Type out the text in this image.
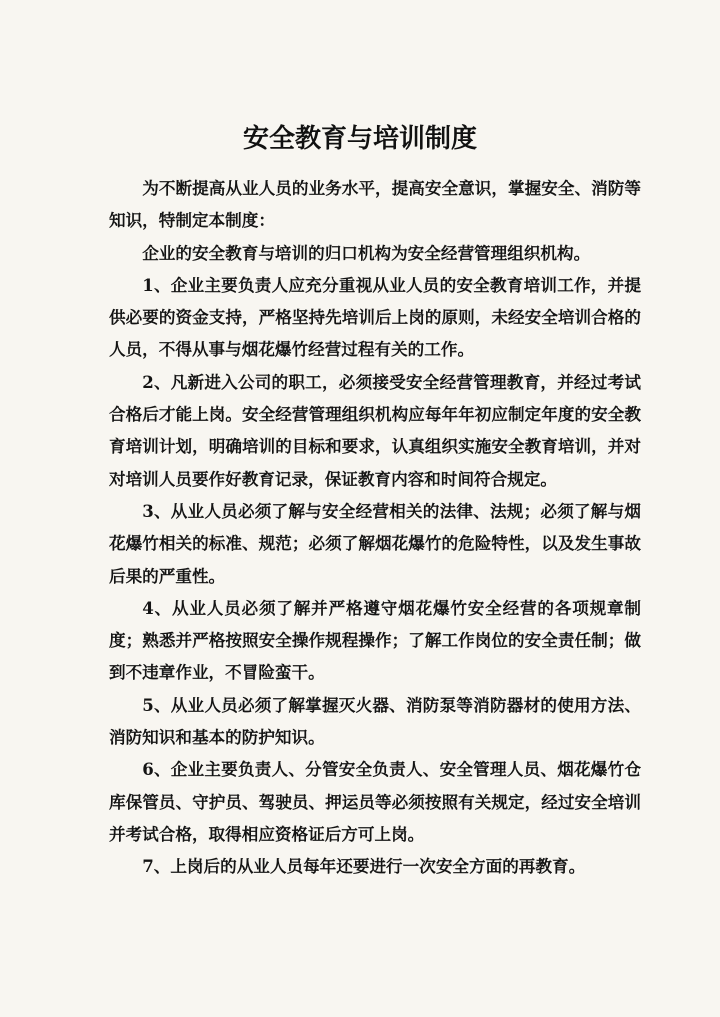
安全教育与培训制度

为不断提高从业人员的业务水平，提高安全意识，掌握安全、消防等知识，特制定本制度：

企业的安全教育与培训的归口机构为安全经营管理组织机构。

1、企业主要负责人应充分重视从业人员的安全教育培训工作，并提供必要的资金支持，严格坚持先培训后上岗的原则，未经安全培训合格的人员，不得从事与烟花爆竹经营过程有关的工作。

2、凡新进入公司的职工，必须接受安全经营管理教育，并经过考试合格后才能上岗。安全经营管理组织机构应每年年初应制定年度的安全教育培训计划，明确培训的目标和要求，认真组织实施安全教育培训，并对对培训人员要作好教育记录，保证教育内容和时间符合规定。

3、从业人员必须了解与安全经营相关的法律、法规；必须了解与烟花爆竹相关的标准、规范；必须了解烟花爆竹的危险特性，以及发生事故后果的严重性。

4、从业人员必须了解并严格遵守烟花爆竹安全经营的各项规章制度；熟悉并严格按照安全操作规程操作；了解工作岗位的安全责任制；做到不违章作业，不冒险蛮干。

5、从业人员必须了解掌握灭火器、消防泵等消防器材的使用方法、消防知识和基本的防护知识。

6、企业主要负责人、分管安全负责人、安全管理人员、烟花爆竹仓库保管员、守护员、驾驶员、押运员等必须按照有关规定，经过安全培训并考试合格，取得相应资格证后方可上岗。

7、上岗后的从业人员每年还要进行一次安全方面的再教育。
